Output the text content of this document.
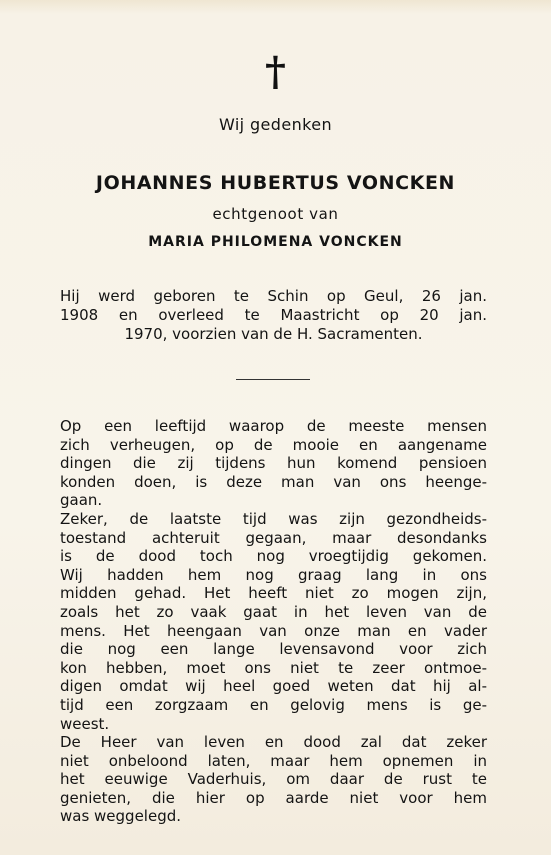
†
Wij gedenken
JOHANNES HUBERTUS VONCKEN
echtgenoot van
MARIA PHILOMENA VONCKEN
Hij werd geboren te Schin op Geul, 26 jan.
1908 en overleed te Maastricht op 20 jan.
1970, voorzien van de H. Sacramenten.
Op een leeftijd waarop de meeste mensen
zich verheugen, op de mooie en aangename
dingen die zij tijdens hun komend pensioen
konden doen, is deze man van ons heenge-
gaan.
Zeker, de laatste tijd was zijn gezondheids-
toestand achteruit gegaan, maar desondanks
is de dood toch nog vroegtijdig gekomen.
Wij hadden hem nog graag lang in ons
midden gehad. Het heeft niet zo mogen zijn,
zoals het zo vaak gaat in het leven van de
mens. Het heengaan van onze man en vader
die nog een lange levensavond voor zich
kon hebben, moet ons niet te zeer ontmoe-
digen omdat wij heel goed weten dat hij al-
tijd een zorgzaam en gelovig mens is ge-
weest.
De Heer van leven en dood zal dat zeker
niet onbeloond laten, maar hem opnemen in
het eeuwige Vaderhuis, om daar de rust te
genieten, die hier op aarde niet voor hem
was weggelegd.
